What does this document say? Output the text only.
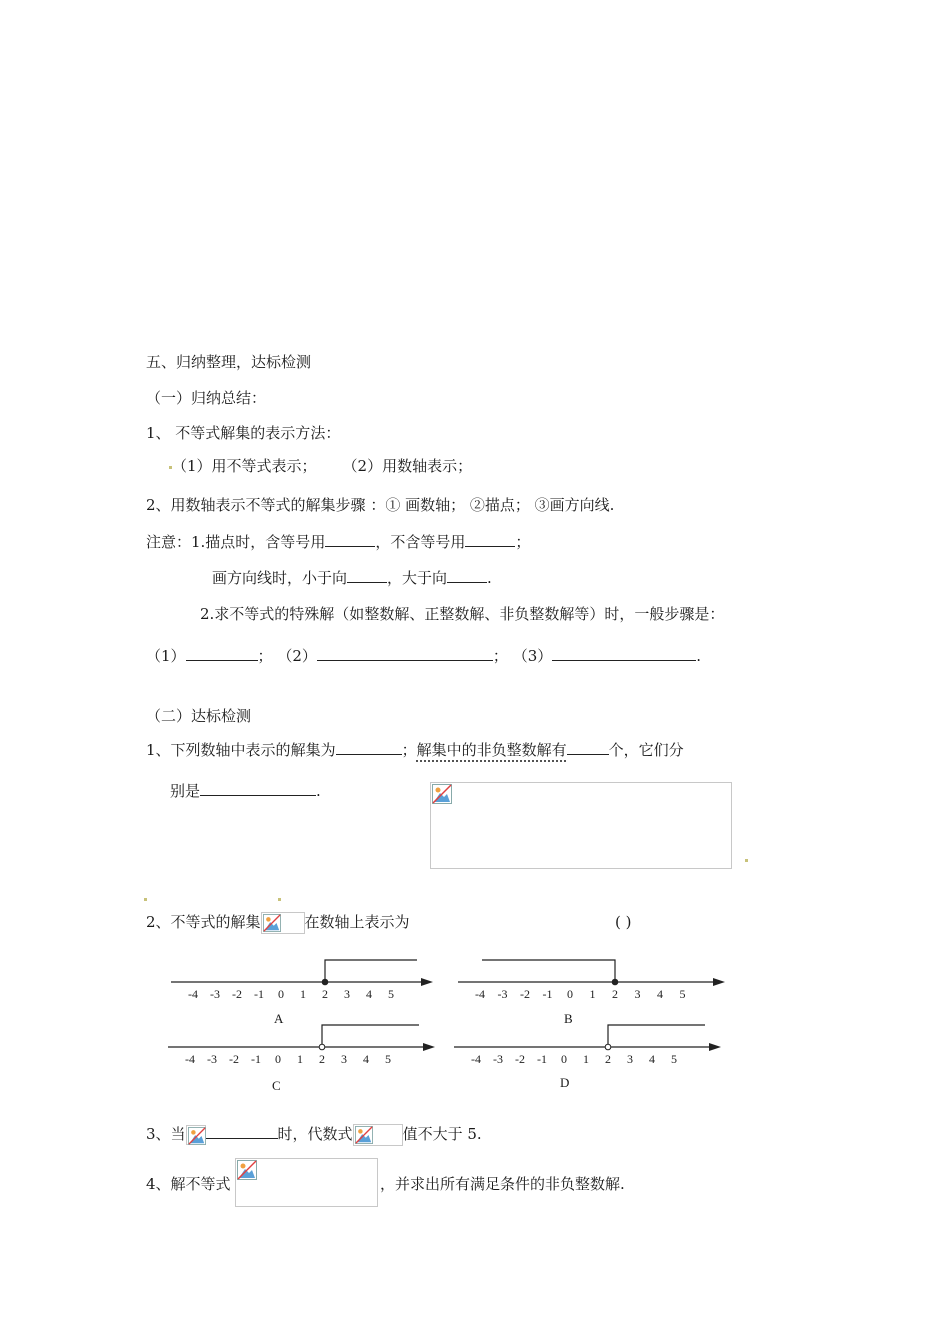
五、归纳整理，达标检测
（一）归纳总结：
1、 不等式解集的表示方法：
（1）用不等式表示； （2）用数轴表示；
2、用数轴表示不等式的解集步骤 ：① 画数轴； ②描点； ③画方向线.
注意：1.描点时，含等号用	，不含等号用	；
画方向线时，小于向	，大于向	.
2.求不等式的特殊解（如整数解、正整数解、非负整数解等）时，一般步骤是：
（1）	； （2）	； （3）	.
（二）达标检测
1、下列数轴中表示的解集为	；解集中的非负整数解有	个，它们分
别是	.
2、不等式的解集	在数轴上表示为	( )
-4 -3 -2 -1 0 1 2 3 4 5	-4 -3 -2 -1 0 1 2 3 4 5
-4 -3 -2 -1 0 1 2 3 4 5	-4 -3 -2 -1 0 1 2 3 4 5
A	B
C	D
3、当	时，代数式	值不大于 5.
4、解不等式	，并求出所有满足条件的非负整数解.
